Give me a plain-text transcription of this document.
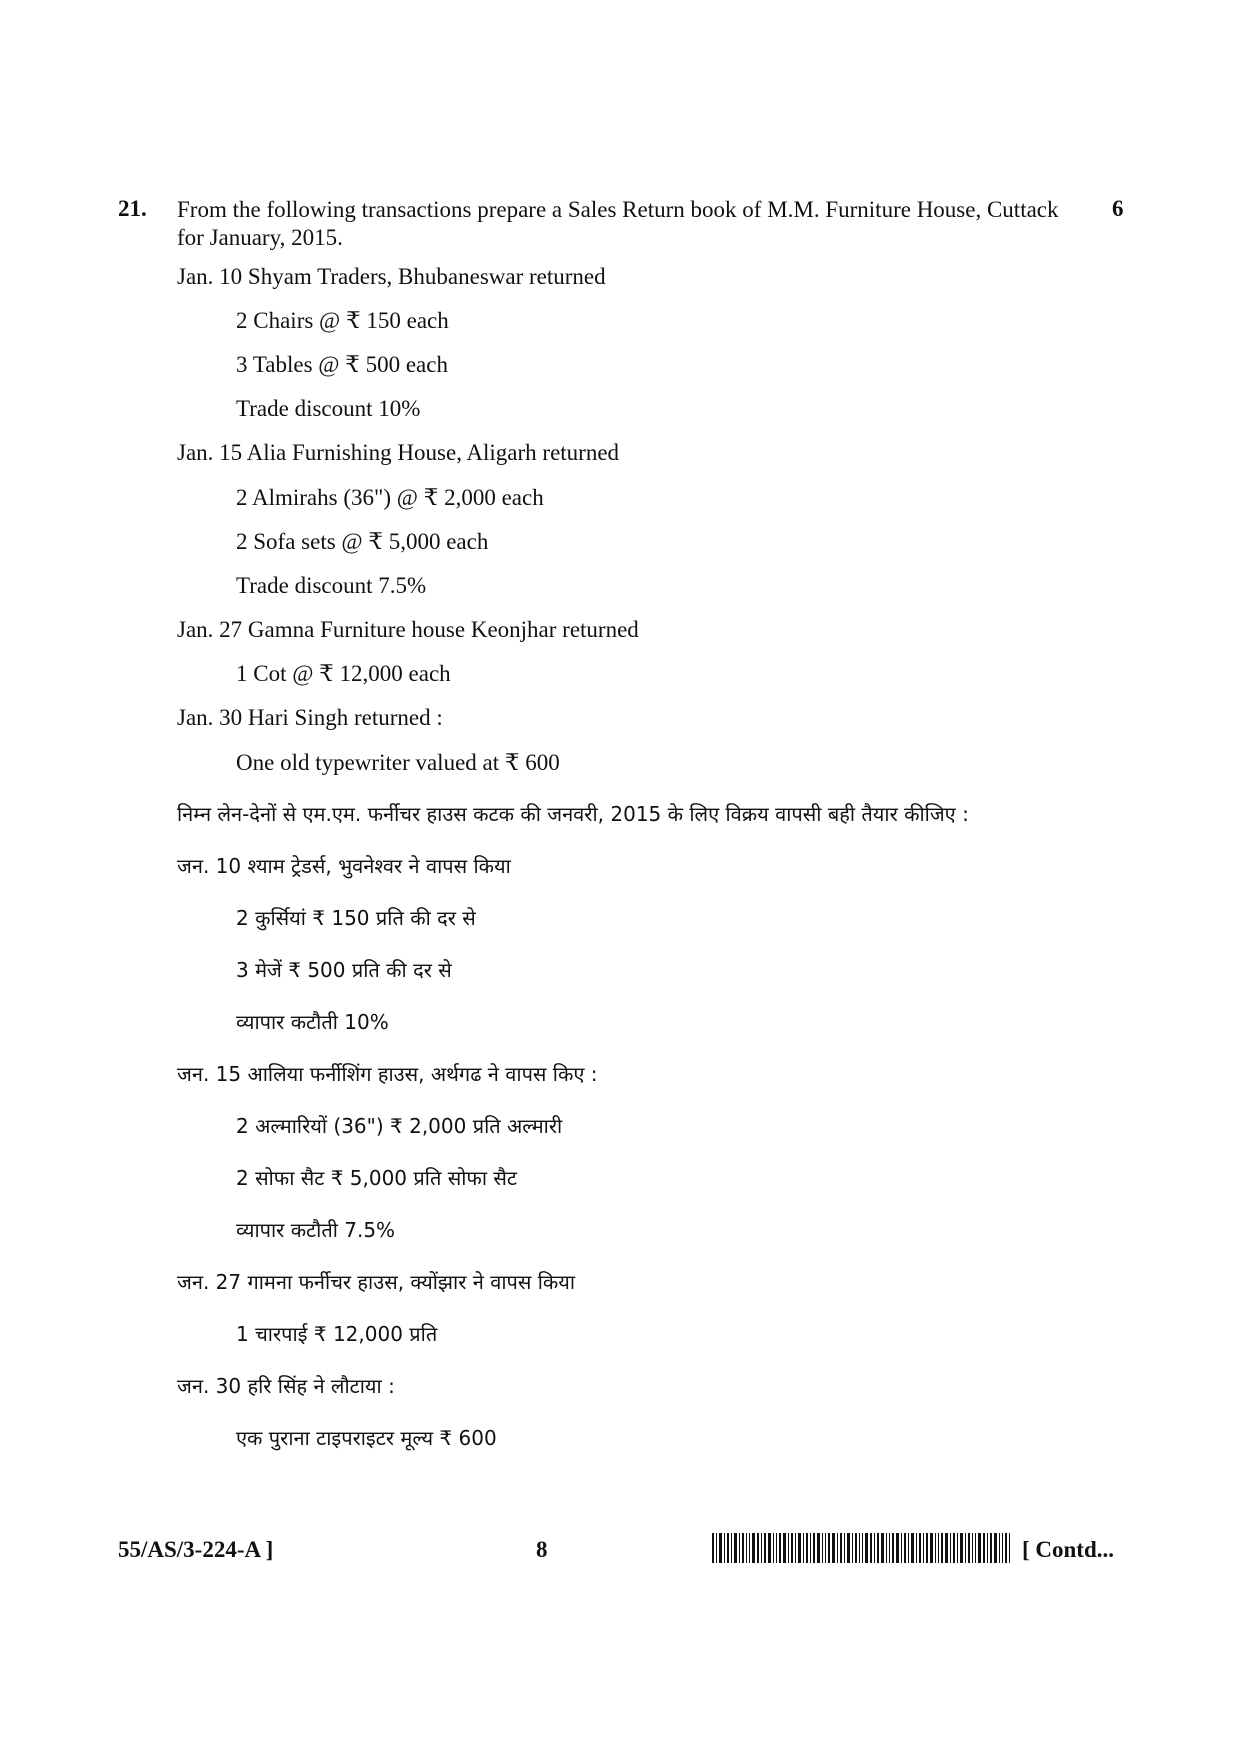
21. From the following transactions prepare a Sales Return book of M.M. Furniture House, Cuttack for January, 2015.
6
Jan. 10 Shyam Traders, Bhubaneswar returned
2 Chairs @ ₹ 150 each
3 Tables @ ₹ 500 each
Trade discount 10%
Jan. 15 Alia Furnishing House, Aligarh returned
2 Almirahs (36") @ ₹ 2,000 each
2 Sofa sets @ ₹ 5,000 each
Trade discount 7.5%
Jan. 27 Gamna Furniture house Keonjhar returned
1 Cot @ ₹ 12,000 each
Jan. 30 Hari Singh returned :
One old typewriter valued at ₹ 600
निम्न लेन-देनों से एम.एम. फर्नीचर हाउस कटक की जनवरी, 2015 के लिए विक्रय वापसी बही तैयार कीजिए :
जन. 10 श्याम ट्रेडर्स, भुवनेश्वर ने वापस किया
2 कुर्सियां ₹ 150 प्रति की दर से
3 मेजें ₹ 500 प्रति की दर से
व्यापार कटौती 10%
जन. 15 आलिया फर्नीशिंग हाउस, अर्थगढ ने वापस किए :
2 अल्मारियों (36") ₹ 2,000 प्रति अल्मारी
2 सोफा सैट ₹ 5,000 प्रति सोफा सैट
व्यापार कटौती 7.5%
जन. 27 गामना फर्नीचर हाउस, क्योंझार ने वापस किया
1 चारपाई ₹ 12,000 प्रति
जन. 30 हरि सिंह ने लौटाया :
एक पुराना टाइपराइटर मूल्य ₹ 600
55/AS/3-224-A ]	8	[ Contd...
